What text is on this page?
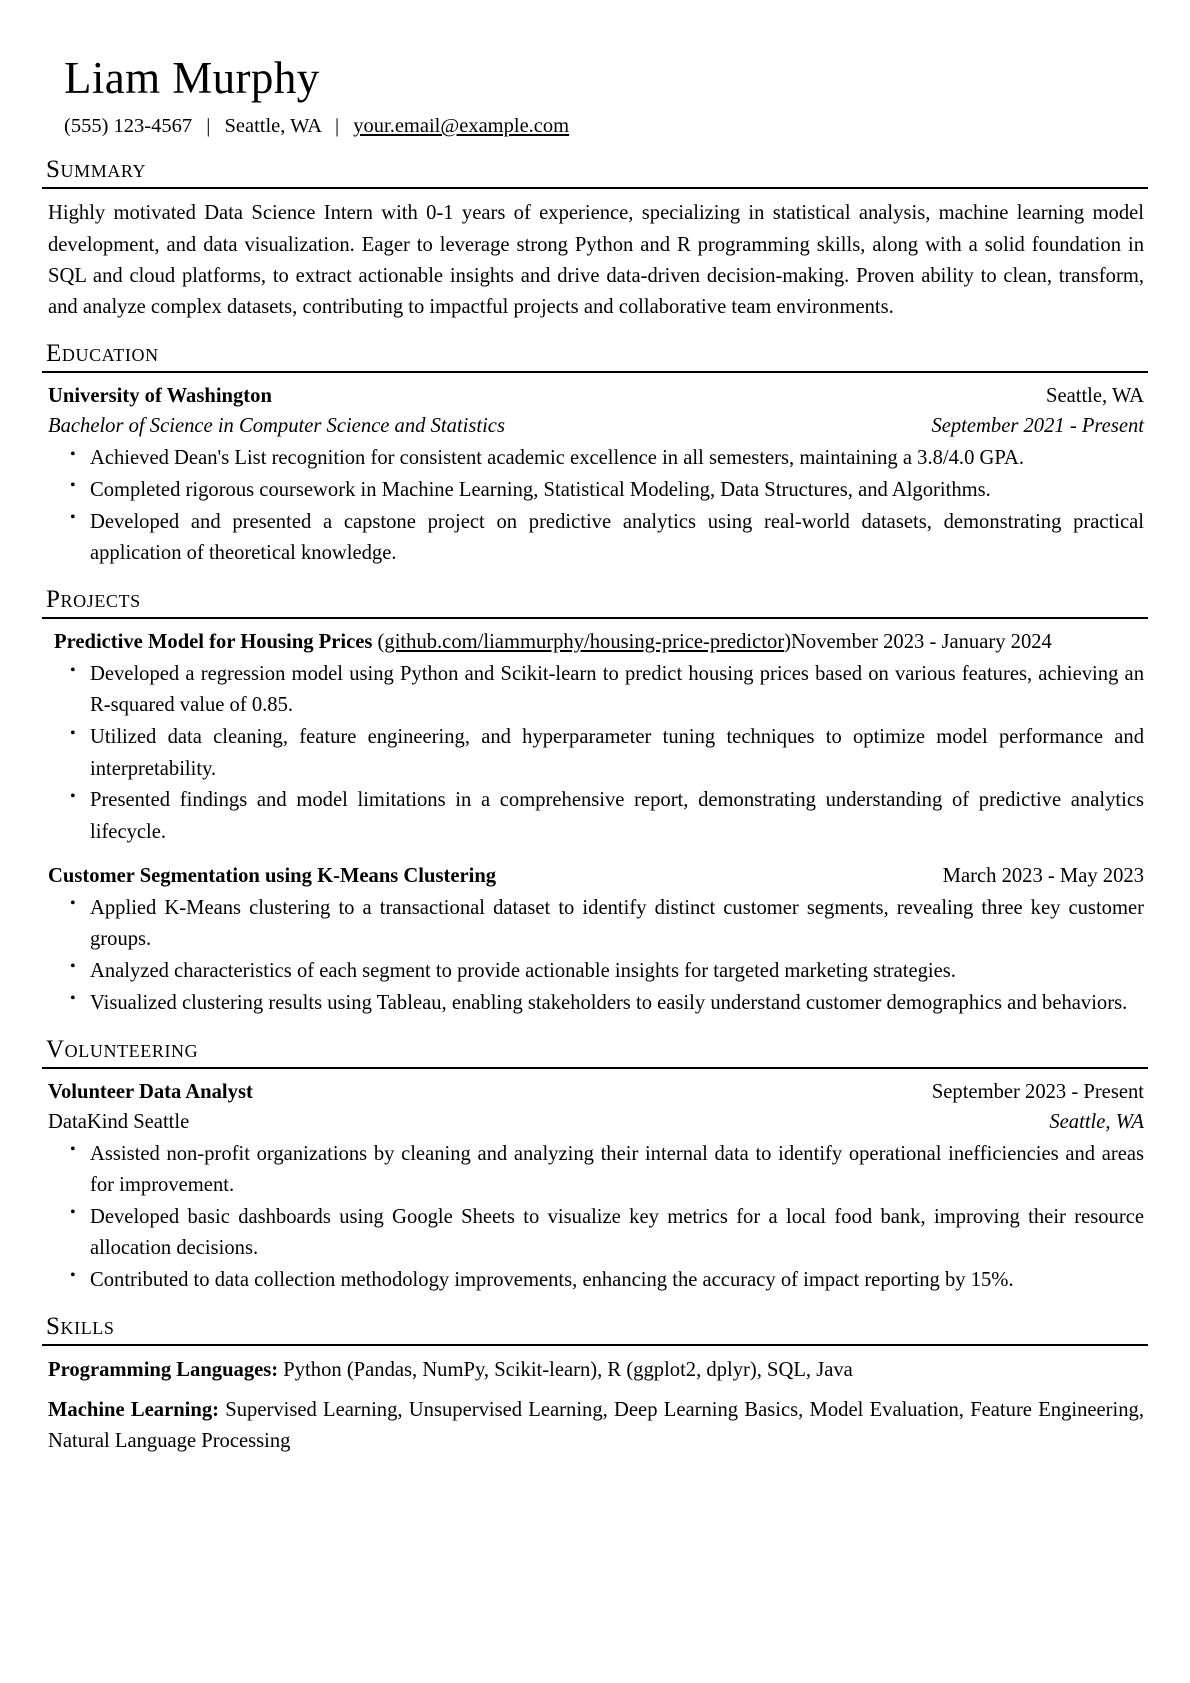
Liam Murphy
(555) 123-4567 | Seattle, WA | your.email@example.com
Summary

Highly motivated Data Science Intern with 0-1 years of experience, specializing in statistical analysis, machine learning model development, and data visualization. Eager to leverage strong Python and R programming skills, along with a solid foundation in SQL and cloud platforms, to extract actionable insights and drive data-driven decision-making. Proven ability to clean, transform, and analyze complex datasets, contributing to impactful projects and collaborative team environments.

Education
University of Washington	Seattle, WA
Bachelor of Science in Computer Science and Statistics	September 2021 - Present
• Achieved Dean's List recognition for consistent academic excellence in all semesters, maintaining a 3.8/4.0 GPA.
• Completed rigorous coursework in Machine Learning, Statistical Modeling, Data Structures, and Algorithms.
• Developed and presented a capstone project on predictive analytics using real-world datasets, demonstrating practical application of theoretical knowledge.
Projects
Predictive Model for Housing Prices (github.com/liammurphy/housing-price-predictor)November 2023 - January 2024
• Developed a regression model using Python and Scikit-learn to predict housing prices based on various features, achieving an R-squared value of 0.85.
• Utilized data cleaning, feature engineering, and hyperparameter tuning techniques to optimize model performance and interpretability.
• Presented findings and model limitations in a comprehensive report, demonstrating understanding of predictive analytics lifecycle.
Customer Segmentation using K-Means Clustering	March 2023 - May 2023
• Applied K-Means clustering to a transactional dataset to identify distinct customer segments, revealing three key customer groups.
• Analyzed characteristics of each segment to provide actionable insights for targeted marketing strategies.
• Visualized clustering results using Tableau, enabling stakeholders to easily understand customer demographics and behaviors.
Volunteering
Volunteer Data Analyst	September 2023 - Present
DataKind Seattle	Seattle, WA
• Assisted non-profit organizations by cleaning and analyzing their internal data to identify operational inefficiencies and areas for improvement.
• Developed basic dashboards using Google Sheets to visualize key metrics for a local food bank, improving their resource allocation decisions.
• Contributed to data collection methodology improvements, enhancing the accuracy of impact reporting by 15%.
Skills

Programming Languages: Python (Pandas, NumPy, Scikit-learn), R (ggplot2, dplyr), SQL, Java

Machine Learning: Supervised Learning, Unsupervised Learning, Deep Learning Basics, Model Evaluation, Feature Engineering, Natural Language Processing
